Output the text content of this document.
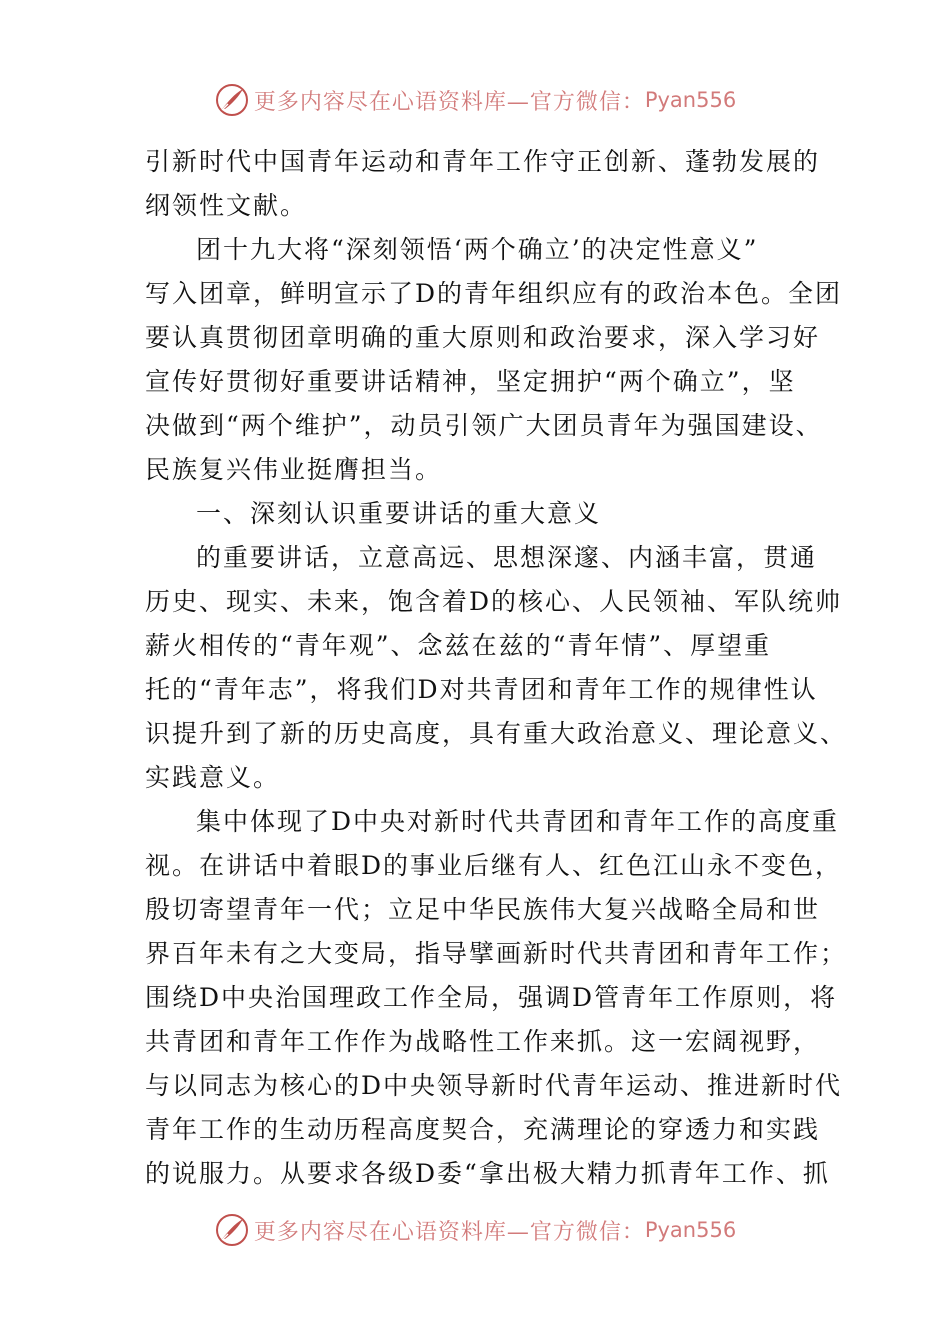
更多内容尽在心语资料库—官方微信： Pyan556
引新时代中国青年运动和青年工作守正创新、蓬勃发展的
纲领性文献。
团十九大将“深刻领悟‘两个确立’的决定性意义”
写入团章，鲜明宣示了D的青年组织应有的政治本色。全团
要认真贯彻团章明确的重大原则和政治要求，深入学习好
宣传好贯彻好重要讲话精神，坚定拥护“两个确立”，坚
决做到“两个维护”，动员引领广大团员青年为强国建设、
民族复兴伟业挺膺担当。
一、深刻认识重要讲话的重大意义
的重要讲话，立意高远、思想深邃、内涵丰富，贯通
历史、现实、未来，饱含着D的核心、人民领袖、军队统帅
薪火相传的“青年观”、念兹在兹的“青年情”、厚望重
托的“青年志”，将我们D对共青团和青年工作的规律性认
识提升到了新的历史高度，具有重大政治意义、理论意义、
实践意义。
集中体现了D中央对新时代共青团和青年工作的高度重
视。在讲话中着眼D的事业后继有人、红色江山永不变色，
殷切寄望青年一代；立足中华民族伟大复兴战略全局和世
界百年未有之大变局，指导擘画新时代共青团和青年工作；
围绕D中央治国理政工作全局，强调D管青年工作原则，将
共青团和青年工作作为战略性工作来抓。这一宏阔视野，
与以同志为核心的D中央领导新时代青年运动、推进新时代
青年工作的生动历程高度契合，充满理论的穿透力和实践
的说服力。从要求各级D委“拿出极大精力抓青年工作、抓
更多内容尽在心语资料库—官方微信： Pyan556
